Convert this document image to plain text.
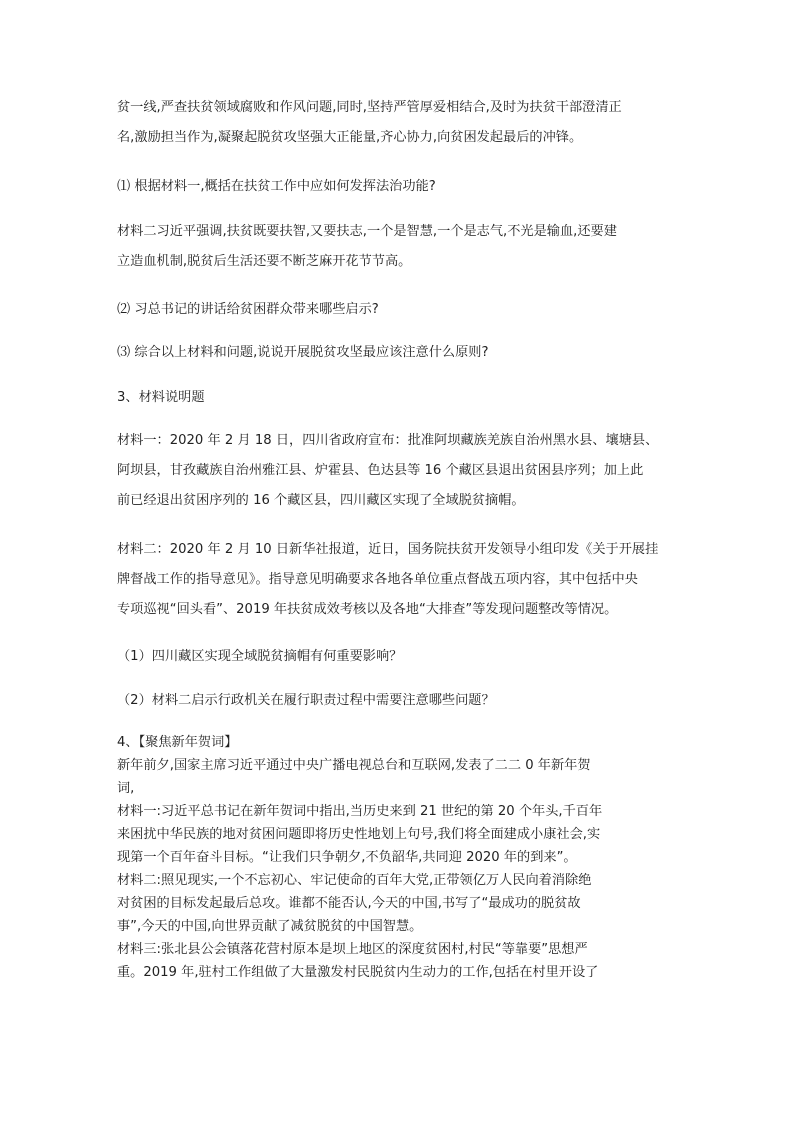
贫一线,严查扶贫领域腐败和作风问题,同时,坚持严管厚爱相结合,及时为扶贫干部澄清正

名,激励担当作为,凝聚起脱贫攻坚强大正能量,齐心协力,向贫困发起最后的冲锋。

⑴ 根据材料一,概括在扶贫工作中应如何发挥法治功能?

材料二习近平强调,扶贫既要扶智,又要扶志,一个是智慧,一个是志气,不光是输血,还要建

立造血机制,脱贫后生活还要不断芝麻开花节节高。

⑵ 习总书记的讲话给贫困群众带来哪些启示?

⑶ 综合以上材料和问题,说说开展脱贫攻坚最应该注意什么原则?

3、材料说明题

材料一：2020 年 2 月 18 日，四川省政府宣布：批准阿坝藏族羌族自治州黑水县、壤塘县、

阿坝县，甘孜藏族自治州雅江县、炉霍县、色达县等 16 个藏区县退出贫困县序列；加上此

前已经退出贫困序列的 16 个藏区县，四川藏区实现了全域脱贫摘帽。

材料二：2020 年 2 月 10 日新华社报道，近日，国务院扶贫开发领导小组印发《关于开展挂

牌督战工作的指导意见》。指导意见明确要求各地各单位重点督战五项内容，其中包括中央

专项巡视“回头看”、2019 年扶贫成效考核以及各地“大排查”等发现问题整改等情况。

（1）四川藏区实现全域脱贫摘帽有何重要影响？

（2）材料二启示行政机关在履行职责过程中需要注意哪些问题？

4、【聚焦新年贺词】

新年前夕,国家主席习近平通过中央广播电视总台和互联网,发表了二二 0 年新年贺

词,

材料一:习近平总书记在新年贺词中指出,当历史来到 21 世纪的第 20 个年头,千百年

来困扰中华民族的地对贫困问题即将历史性地划上句号,我们将全面建成小康社会,实

现第一个百年奋斗目标。“让我们只争朝夕,不负韶华,共同迎 2020 年的到来”。

材料二:照见现实,一个不忘初心、牢记使命的百年大党,正带领亿万人民向着消除绝

对贫困的目标发起最后总攻。谁都不能否认,今天的中国,书写了“最成功的脱贫故

事”,今天的中国,向世界贡献了减贫脱贫的中国智慧。

材料三:张北县公会镇落花营村原本是坝上地区的深度贫困村,村民“等靠要”思想严

重。2019 年,驻村工作组做了大量激发村民脱贫内生动力的工作,包括在村里开设了
